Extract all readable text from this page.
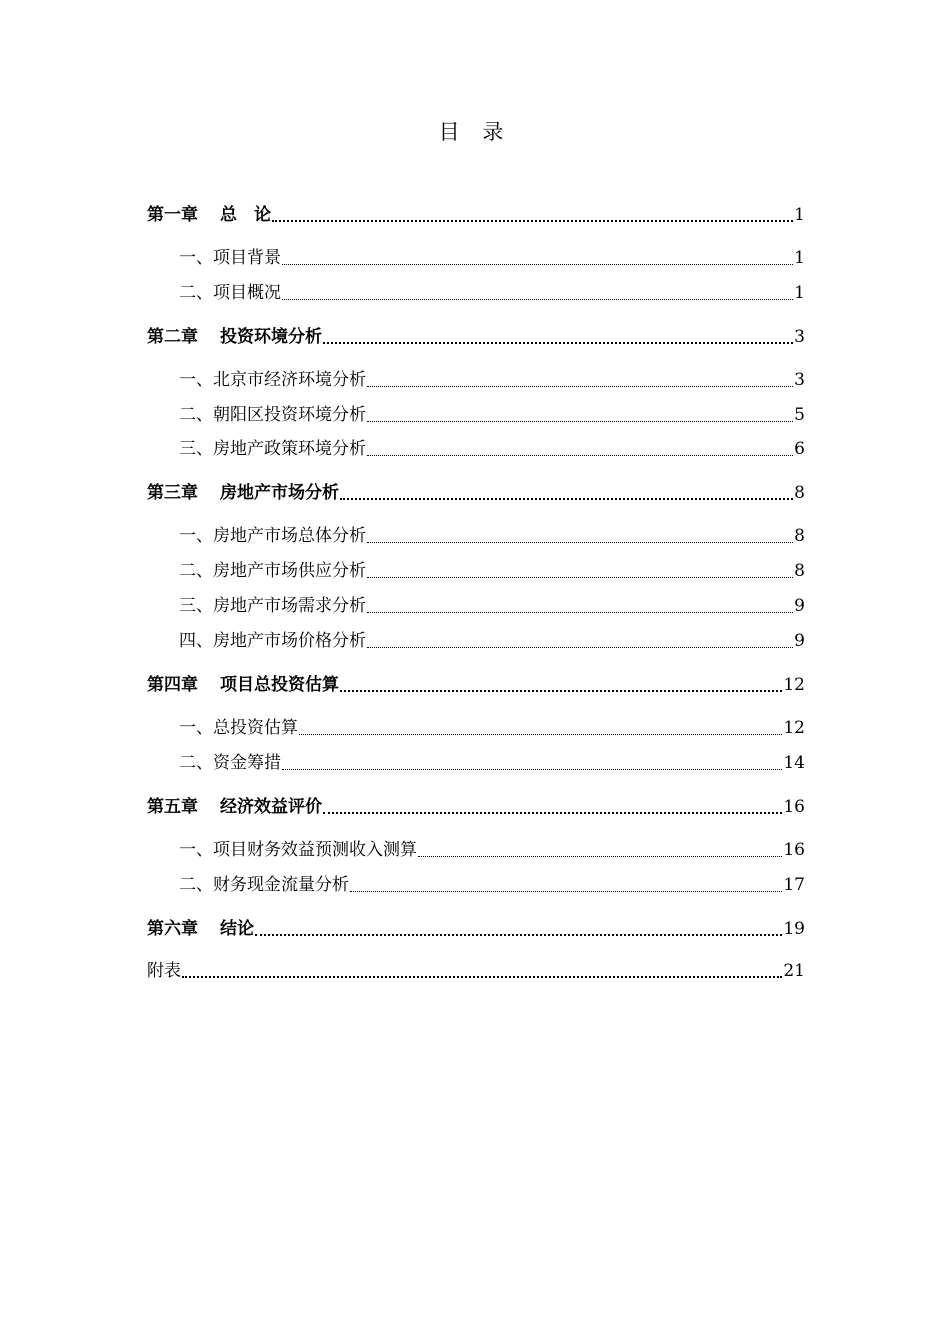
目 录
第一章 总　论	1
一、项目背景	1
二、项目概况	1
第二章 投资环境分析	3
一、北京市经济环境分析	3
二、朝阳区投资环境分析	5
三、房地产政策环境分析	6
第三章 房地产市场分析	8
一、房地产市场总体分析	8
二、房地产市场供应分析	8
三、房地产市场需求分析	9
四、房地产市场价格分析	9
第四章 项目总投资估算	12
一、总投资估算	12
二、资金筹措	14
第五章 经济效益评价	16
一、项目财务效益预测收入测算	16
二、财务现金流量分析	17
第六章 结论	19
附表	21
